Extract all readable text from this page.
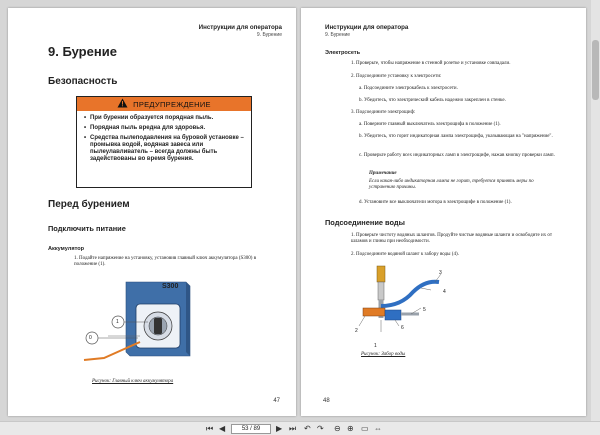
Инструкции для оператора
9. Бурение
9. Бурение
Безопасность
ПРЕДУПРЕЖДЕНИЕ
• При бурении образуется порядная пыль.
• Порядная пыль вредна для здоровья.
• Средства пылеподавления на буровой установке – промывка водой, водяная завеса или пылеулавливатель – всегда должны быть задействованы во время бурения.
Перед бурением
Подключить питание
Аккумулятор
1. Подайте напряжение на установку, установив главный ключ аккумулятора (S300) в положение (1).
S300
0
1
Рисунок: Главный ключ аккумулятора
47
Инструкции для оператора
9. Бурение
Электросеть
1. Проверьте, чтобы напряжение в стенной розетке и установке совпадали.
2. Подсоедините установку к электросети:
a. Подсоедините электрокабель к электросети.
b. Убедитесь, что электрический кабель надежно закреплен в стенке.
3. Подсоедините электрощиф:
a. Поверните главный выключатель электрощифа в положение (1).
b. Убедитесь, что горит индикаторная лампа электрощифа, указывающая на "напряжение".
c. Проверьте работу всех индикаторных ламп в электрощифе, нажав кнопку проверки ламп.
Примечание
Если какая-либо индикаторная лампа не горит, требуется принять меры по устранению причины.
d. Установите все выключатели мотора в электрощифе в положение (1).
Подсоединение воды
1. Проверьте чистоту водяных шлангов. Продуйте чистые водяные шланги и освободите их от шламов и глины при необходимости.
2. Подсоедините водяной шланг к забору воды (4).
1
2
3
4
5
6
Рисунок: Забор воды
48
⏮ ◀	53 / 89	▶ ⏭ ↶ ↷ ⊖ ⊕ ▭ ⇔
